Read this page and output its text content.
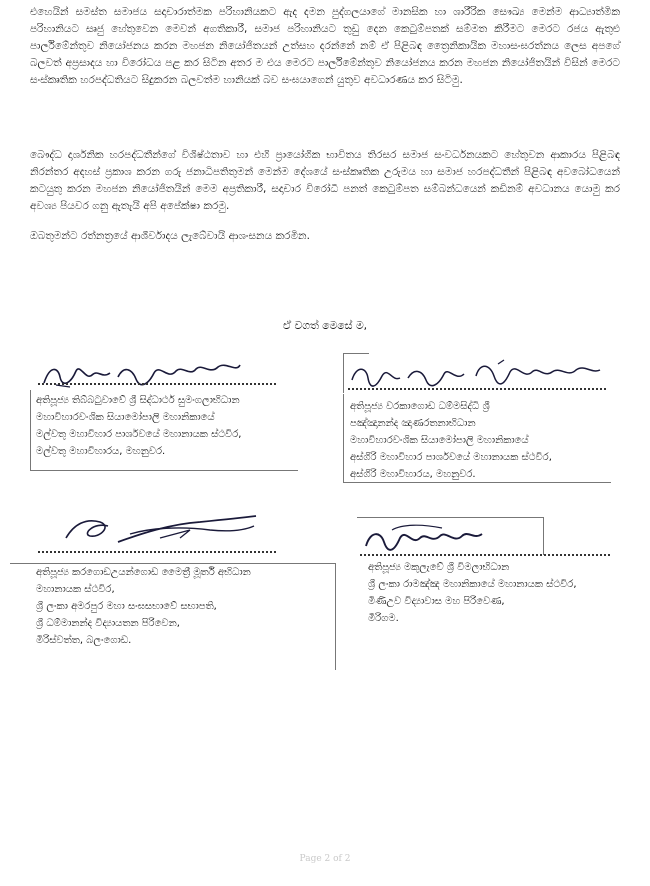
එහෙයින් සමස්ත සමාජය සදාචාරාත්මක පරිහානියකට ඇද දමන පුද්ගලයාගේ මානසික හා ශාරීරික සෞඛ්‍ය මෙන්ම ආධ්‍යාත්මික පරිහානියට සෘජු හේතුවෙන මෙවන් අගතිකාරී, සමාජ පරිහානියට තුඩු දෙන කෙටුම්පතක් සම්මත කිරීමට මෙරට රජය ඇතුළු පාර්ලිමේන්තුව නියෝජනය කරන මහජන නියෝජිතයන් උත්සහ දරන්නේ නම් ඒ පිළිබඳ ත්‍රෛනිකායික මහාසංඝරත්නය ලෙස අපගේ බලවත් අප්‍රසාදය හා විරෝධය පළ කර සිටින අතර ම එය මෙරට පාර්ලිමේන්තුව නියෝජනය කරන මහජන නියෝජිතයින් විසින් මෙරට සංස්කෘතික හරපද්ධතියට සිදුකරන බලවත්ම හානියක් බව සංඝයාගෙන් යුතුව අවධාරණය කර සිටිමු.

බෞද්ධ දාර්ශනික හරපද්ධතීන්ගේ විශිෂ්ඨතාව හා එහි ප්‍රායෝගික භාවිතය තිරසර සමාජ සංවර්ධනයකට හේතුවන ආකාරය පිළිබඳ නිරන්තර අදහස් ප්‍රකාශ කරන ගරු ජනාධිපතිතුමන් මෙන්ම දේශයේ සංස්කෘතික උරුමය හා සමාජ හරපද්ධතීන් පිළිබඳ අවබෝධයෙන් කටයුතු කරන මහජන නියෝජිතයින් මෙම අප්‍රතිකාරී, සදාචාර විරෝධී පනත් කෙටුම්පත සම්බන්ධයෙන් කඩිනම් අවධානය යොමු කර අවශ්‍ය පියවර ගනු ඇතැයි අපි අපේක්ෂා කරමු.

ඔබතුමන්ට රත්නත්‍රයේ ආශීර්වාදය ලැබේවායි ආශංසනය කරමින.

ඒ වගත් මෙසේ ම,
අතිපූජ්‍ය තිබ්බටුවාවේ ශ්‍රී සිද්ධාර්ථ සුමංගලාභිධාන
මහාවිහාරවංශික සියාමෝපාලි මහානිකායේ
මල්වතු මහාවිහාර පාර්ශවයේ මහානායක ස්ථවිර,
මල්වතු මහාවිහාරය, මහනුවර.
අතිපූජ්‍ය වරකාගොඩ ධම්මසිද්ධි ශ්‍රී
පඤ්ඤානන්ද ඤාණරතනාභිධාන
මහාවිහාරවංශික සියාමෝපාලි මහානිකායේ
අස්ගිරි මහාවිහාර පාර්ශවයේ මහානායක ස්ථවිර,
අස්ගිරි මහාවිහාරය, මහනුවර.
අතිපූජ්‍ය කරගොඩඋයන්ගොඩ මෛත්‍රී මූර්ති අභිධාන
මහානායක ස්ථවිර,
ශ්‍රී ලංකා අමරපුර මහා සංඝසභාවේ සභාපති,
ශ්‍රී ධම්මානන්ද විද්‍යායතන පිරිවෙන,
මිරිස්වත්ත, බලංගොඩ.
අතිපූජ්‍ය මකුලැවේ ශ්‍රී විමලාභිධාන
ශ්‍රී ලංකා රාමඤ්ඤ මහානිකායේ මහානායක ස්ථවිර,
මිණිඋව විද්‍යාවාස මහ පිරිවෙණ,
මීරිගම.
Page 2 of 2
